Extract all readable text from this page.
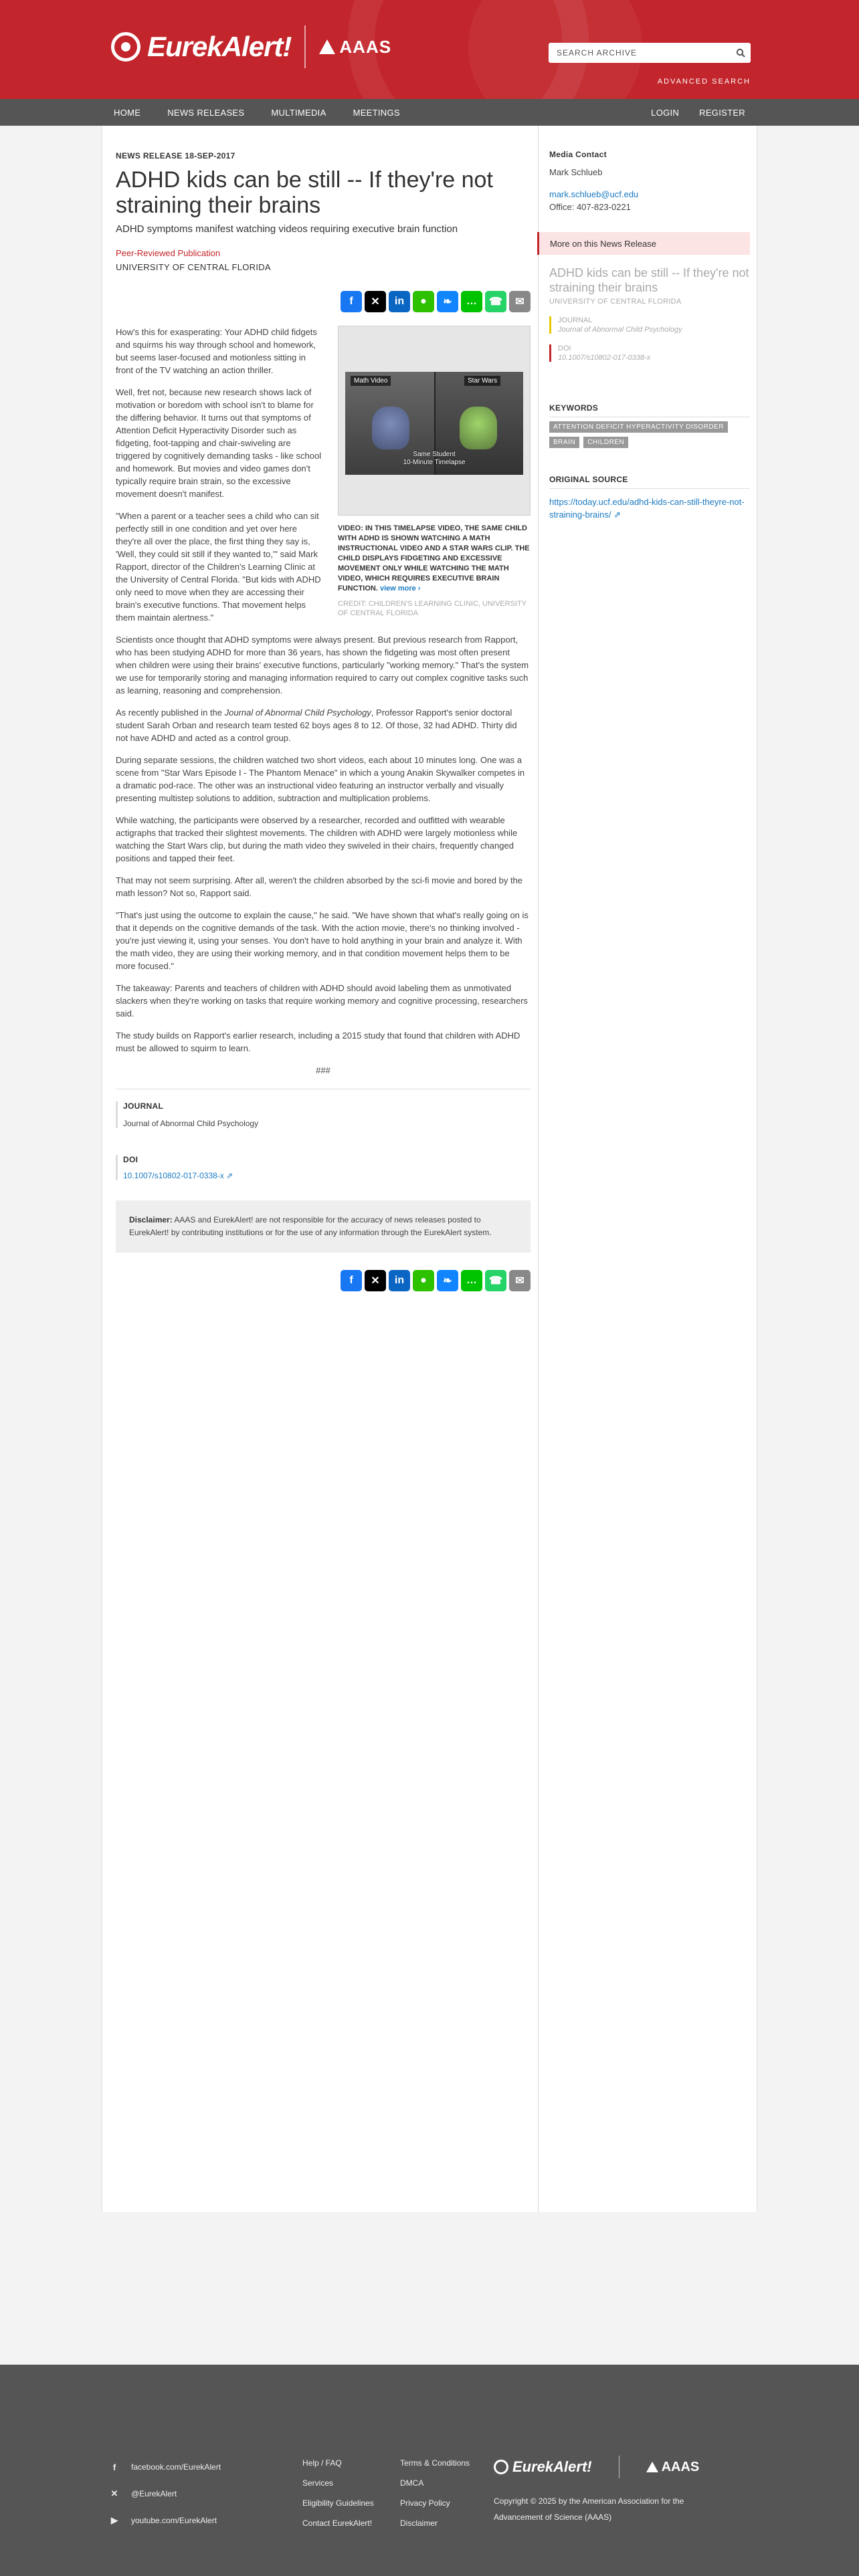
EurekAlert!	AAAS
SEARCH ARCHIVE
ADVANCED SEARCH
HOME	NEWS RELEASES	MULTIMEDIA	MEETINGS	LOGIN REGISTER
NEWS RELEASE 18-SEP-2017
ADHD kids can be still -- If they're not straining their brains
ADHD symptoms manifest watching videos requiring executive brain function
Peer-Reviewed Publication
UNIVERSITY OF CENTRAL FLORIDA
f ✕ in ● ❧ … ☎ ✉
Math Video	Star Wars
Same Student
10-Minute Timelapse
VIDEO: IN THIS TIMELAPSE VIDEO, THE SAME CHILD WITH ADHD IS SHOWN WATCHING A MATH INSTRUCTIONAL VIDEO AND A STAR WARS CLIP. THE CHILD DISPLAYS FIDGETING AND EXCESSIVE MOVEMENT ONLY WHILE WATCHING THE MATH VIDEO, WHICH REQUIRES EXECUTIVE BRAIN FUNCTION. view more ›
CREDIT: CHILDREN'S LEARNING CLINIC, UNIVERSITY OF CENTRAL FLORIDA

How's this for exasperating: Your ADHD child fidgets and squirms his way through school and homework, but seems laser-focused and motionless sitting in front of the TV watching an action thriller.

Well, fret not, because new research shows lack of motivation or boredom with school isn't to blame for the differing behavior. It turns out that symptoms of Attention Deficit Hyperactivity Disorder such as fidgeting, foot-tapping and chair-swiveling are triggered by cognitively demanding tasks - like school and homework. But movies and video games don't typically require brain strain, so the excessive movement doesn't manifest.

"When a parent or a teacher sees a child who can sit perfectly still in one condition and yet over here they're all over the place, the first thing they say is, 'Well, they could sit still if they wanted to,'" said Mark Rapport, director of the Children's Learning Clinic at the University of Central Florida. "But kids with ADHD only need to move when they are accessing their brain's executive functions. That movement helps them maintain alertness."

Scientists once thought that ADHD symptoms were always present. But previous research from Rapport, who has been studying ADHD for more than 36 years, has shown the fidgeting was most often present when children were using their brains' executive functions, particularly "working memory." That's the system we use for temporarily storing and managing information required to carry out complex cognitive tasks such as learning, reasoning and comprehension.

As recently published in the Journal of Abnormal Child Psychology, Professor Rapport's senior doctoral student Sarah Orban and research team tested 62 boys ages 8 to 12. Of those, 32 had ADHD. Thirty did not have ADHD and acted as a control group.

During separate sessions, the children watched two short videos, each about 10 minutes long. One was a scene from "Star Wars Episode I - The Phantom Menace" in which a young Anakin Skywalker competes in a dramatic pod-race. The other was an instructional video featuring an instructor verbally and visually presenting multistep solutions to addition, subtraction and multiplication problems.

While watching, the participants were observed by a researcher, recorded and outfitted with wearable actigraphs that tracked their slightest movements. The children with ADHD were largely motionless while watching the Start Wars clip, but during the math video they swiveled in their chairs, frequently changed positions and tapped their feet.

That may not seem surprising. After all, weren't the children absorbed by the sci-fi movie and bored by the math lesson? Not so, Rapport said.

"That's just using the outcome to explain the cause," he said. "We have shown that what's really going on is that it depends on the cognitive demands of the task. With the action movie, there's no thinking involved - you're just viewing it, using your senses. You don't have to hold anything in your brain and analyze it. With the math video, they are using their working memory, and in that condition movement helps them to be more focused."

The takeaway: Parents and teachers of children with ADHD should avoid labeling them as unmotivated slackers when they're working on tasks that require working memory and cognitive processing, researchers said.

The study builds on Rapport's earlier research, including a 2015 study that found that children with ADHD must be allowed to squirm to learn.

###

JOURNAL
Journal of Abnormal Child Psychology
DOI
10.1007/s10802-017-0338-x ⇗
Disclaimer: AAAS and EurekAlert! are not responsible for the accuracy of news releases posted to EurekAlert! by contributing institutions or for the use of any information through the EurekAlert system.
f ✕ in ● ❧ … ☎ ✉
Media Contact
Mark Schlueb
mark.schlueb@ucf.edu
Office: 407-823-0221
More on this News Release
ADHD kids can be still -- If they're not straining their brains
UNIVERSITY OF CENTRAL FLORIDA
JOURNAL
Journal of Abnormal Child Psychology
DOI
10.1007/s10802-017-0338-x
KEYWORDS
ATTENTION DEFICIT HYPERACTIVITY DISORDERBRAIN CHILDREN
ORIGINAL SOURCE
https://today.ucf.edu/adhd-kids-can-still-theyre-not-straining-brains/ ⇗
f	facebook.com/EurekAlert
✕ @EurekAlert
▶	youtube.com/EurekAlert
Help / FAQ
Services
Eligibility Guidelines
Contact EurekAlert!
Terms & Conditions
DMCA
Privacy Policy
Disclaimer
EurekAlert!	AAAS
Copyright © 2025 by the American Association for the Advancement of Science (AAAS)
